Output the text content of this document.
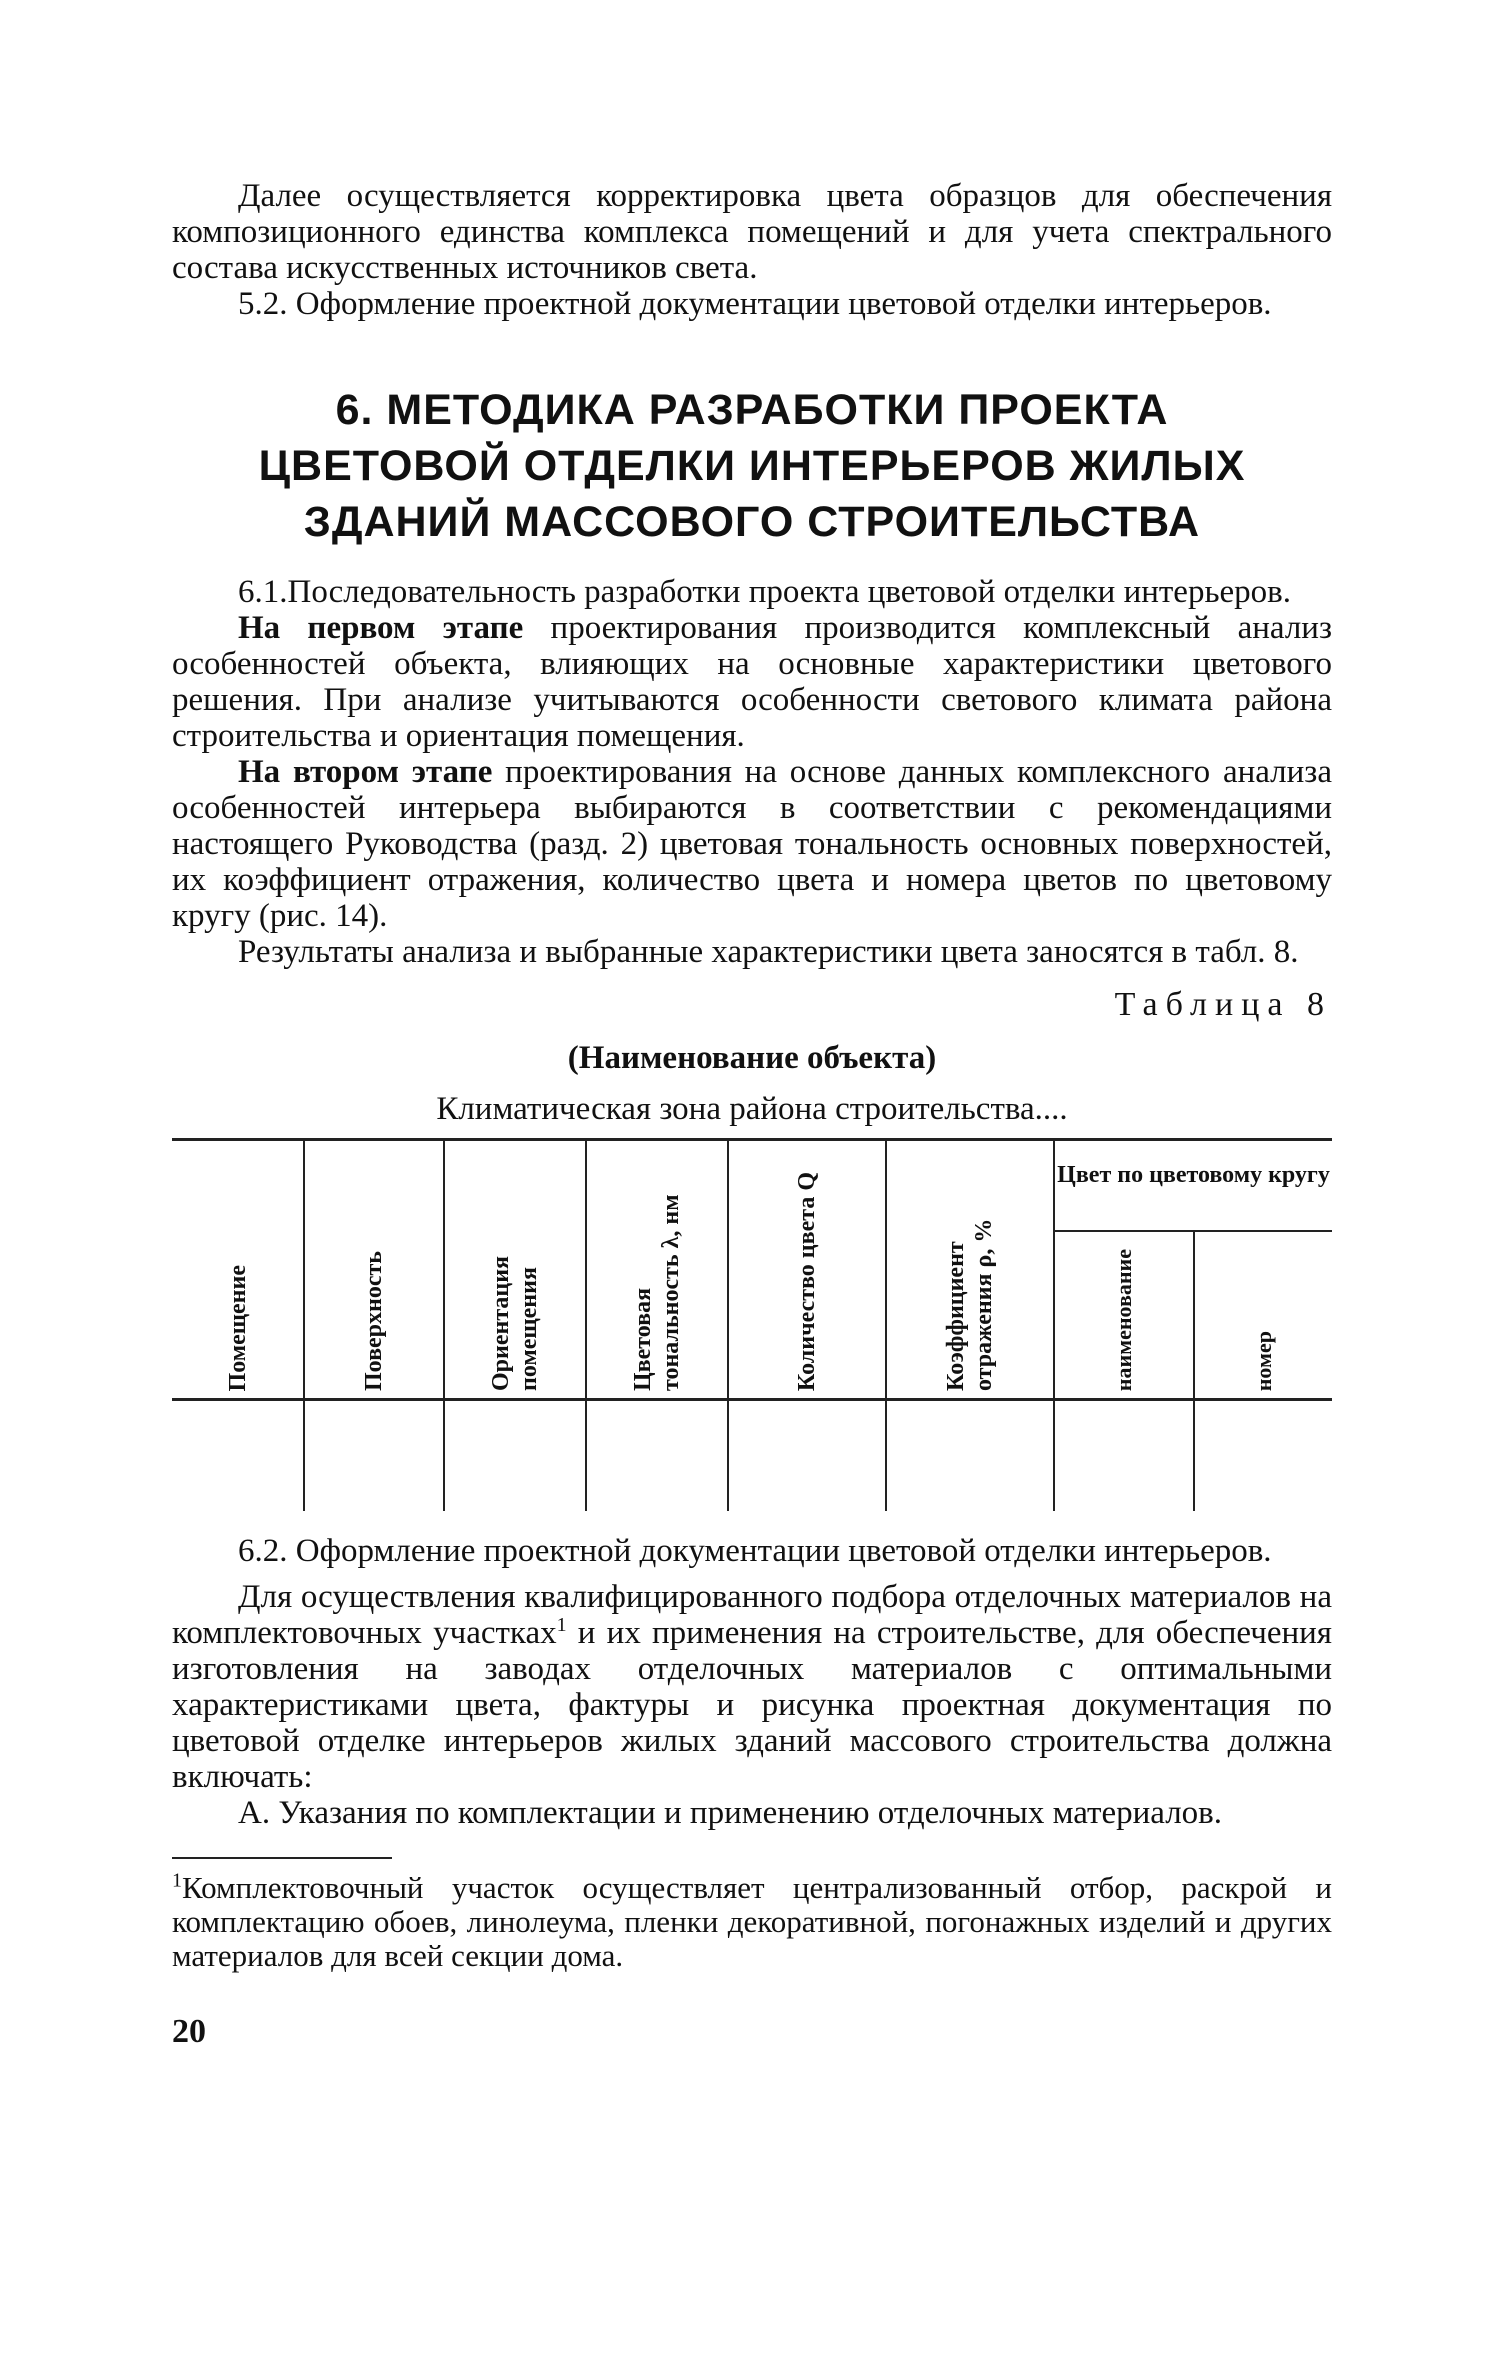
Далее осуществляется корректировка цвета образцов для обеспечения композиционного единства комплекса помещений и для учета спектрального состава искусственных источников света.

5.2. Оформление проектной документации цветовой отделки интерьеров.

6. МЕТОДИКА РАЗРАБОТКИ ПРОЕКТА
ЦВЕТОВОЙ ОТДЕЛКИ ИНТЕРЬЕРОВ ЖИЛЫХ
ЗДАНИЙ МАССОВОГО СТРОИТЕЛЬСТВА

6.1.Последовательность разработки проекта цветовой отделки интерьеров.

На первом этапе проектирования производится комплексный анализ особенностей объекта, влияющих на основные характеристики цветового решения. При анализе учитываются особенности светового климата района строительства и ориентация помещения.

На втором этапе проектирования на основе данных комплексного анализа особенностей интерьера выбираются в соответствии с рекомендациями настоящего Руководства (разд. 2) цветовая тональность основных поверхностей, их коэффициент отражения, количество цвета и номера цветов по цветовому кругу (рис. 14).

Результаты анализа и выбранные характеристики цвета заносятся в табл. 8.

Таблица 8
(Наименование объекта)
Климатическая зона района строительства....
Помещение	Поверхность	Ориентация помещения	Цветовая тональность λ, нм	Количество цвета Q	Коэффициент отражения ρ, %	Цвет по цветовому кругу	
						наименование	номер

6.2. Оформление проектной документации цветовой отделки интерьеров.

Для осуществления квалифицированного подбора отделочных материалов на комплектовочных участках$^1$ и их применения на строительстве, для обеспечения изготовления на заводах отделочных материалов с оптимальными характеристиками цвета, фактуры и рисунка проектная документация по цветовой отделке интерьеров жилых зданий массового строительства должна включать:

А. Указания по комплектации и применению отделочных материалов.

$^1$Комплектовочный участок осуществляет централизованный отбор, раскрой и комплектацию обоев, линолеума, пленки декоративной, погонажных изделий и других материалов для всей секции дома.

20
